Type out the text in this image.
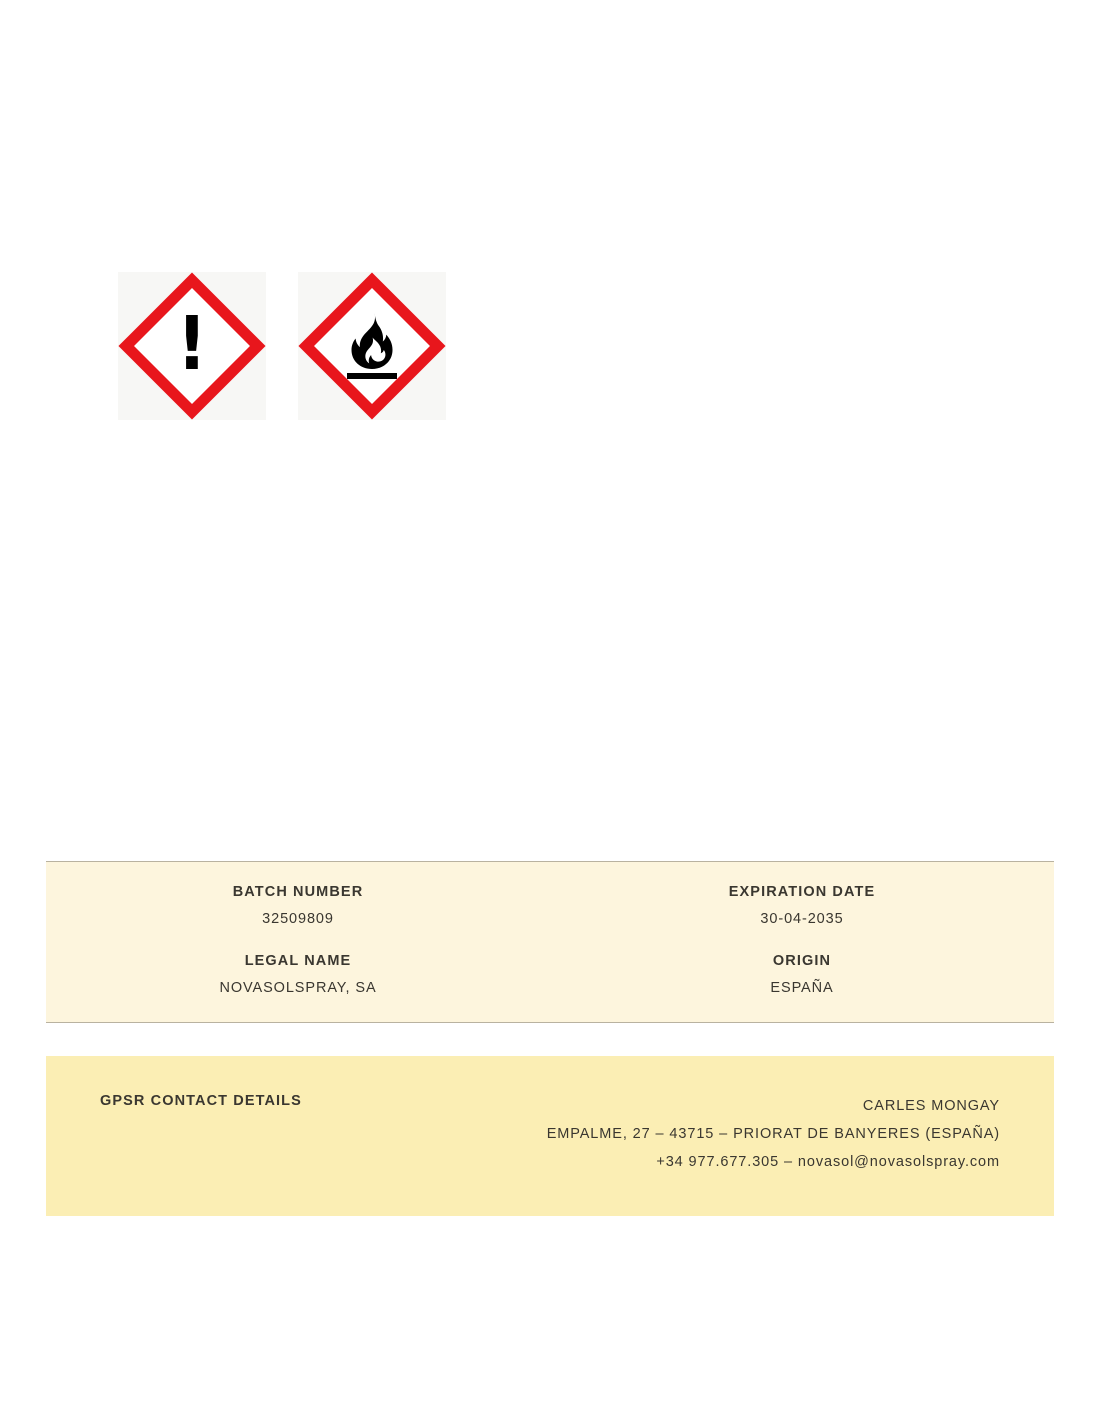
!
BATCH NUMBER
32509809
EXPIRATION DATE
30-04-2035
LEGAL NAME
NOVASOLSPRAY, SA
ORIGIN
ESPAÑA
GPSR CONTACT DETAILS	CARLES MONGAY
EMPALME, 27 – 43715 – PRIORAT DE BANYERES (ESPAÑA)
+34 977.677.305 – novasol@novasolspray.com
